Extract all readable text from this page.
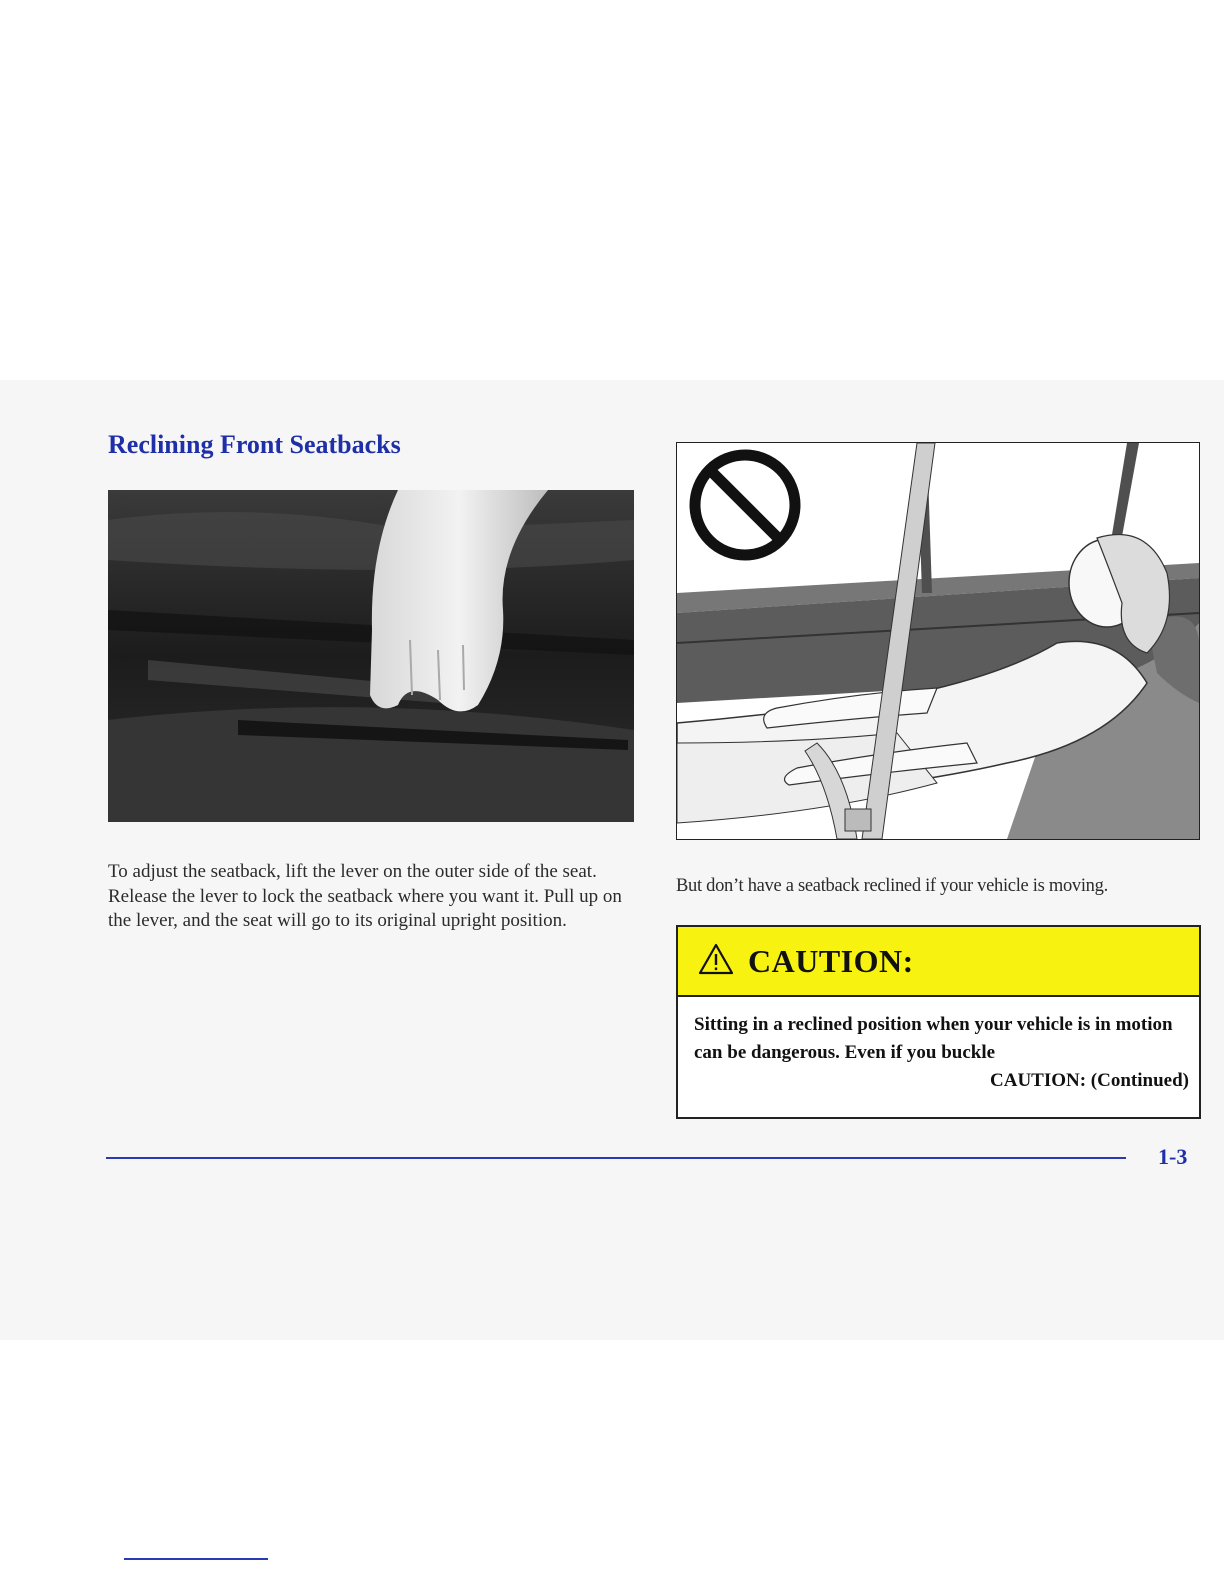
Reclining Front Seatbacks
To adjust the seatback, lift the lever on the outer side of the seat. Release the lever to lock the seatback where you want it. Pull up on the lever, and the seat will go to its original upright position.
But don’t have a seatback reclined if your vehicle is moving.
CAUTION:
Sitting in a reclined position when your vehicle is in motion can be dangerous. Even if you buckle
CAUTION: (Continued)
1-3
